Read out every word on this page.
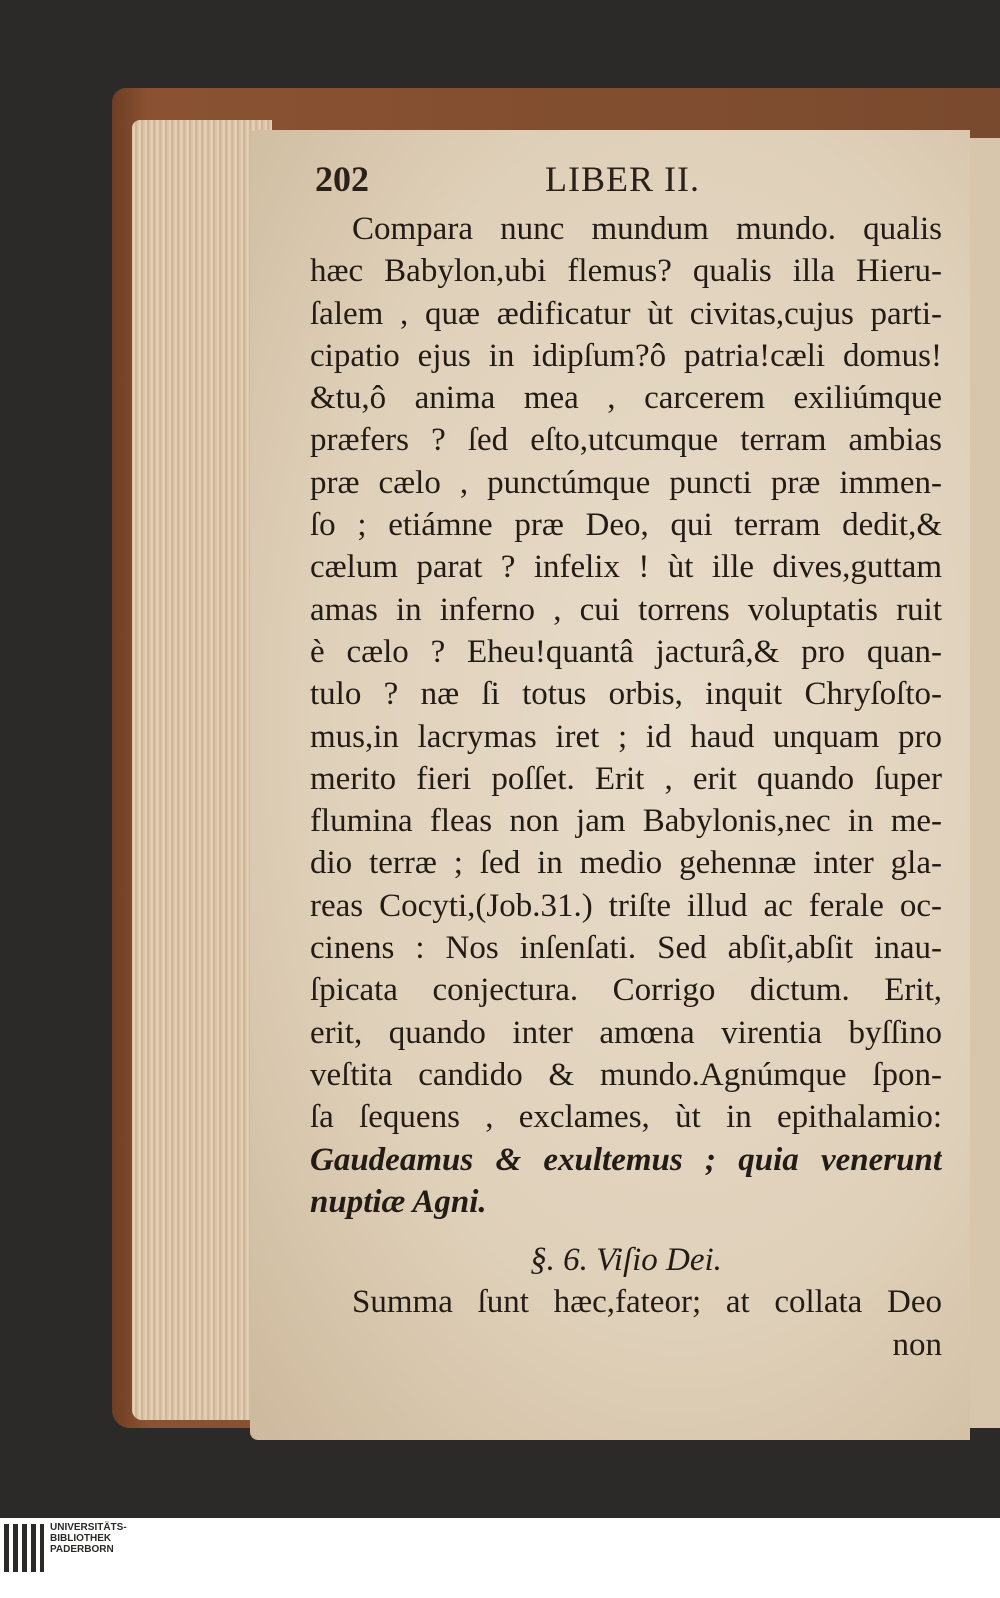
202	LIBER II.
Compara nunc mundum mundo. qualis
hæc Babylon,ubi flemus? qualis illa Hieru-
ſalem , quæ ædificatur ùt civitas,cujus parti-
cipatio ejus in idipſum?ô patria!cæli domus!
&tu,ô anima mea , carcerem exiliúmque
præfers ? ſed eſto,utcumque terram ambias
præ cælo , punctúmque puncti præ immen-
ſo ; etiámne præ Deo, qui terram dedit,&
cælum parat ? infelix ! ùt ille dives,guttam
amas in inferno , cui torrens voluptatis ruit
è cælo ? Eheu!quantâ jacturâ,& pro quan-
tulo ? næ ſi totus orbis, inquit Chryſoſto-
mus,in lacrymas iret ; id haud unquam pro
merito fieri poſſet. Erit , erit quando ſuper
flumina fleas non jam Babylonis,nec in me-
dio terræ ; ſed in medio gehennæ inter gla-
reas Cocyti,(Job.31.) triſte illud ac ferale oc-
cinens : Nos inſenſati. Sed abſit,abſit inau-
ſpicata conjectura. Corrigo dictum. Erit,
erit, quando inter amœna virentia byſſino
veſtita candido & mundo.Agnúmque ſpon-
ſa ſequens , exclames, ùt in epithalamio:
Gaudeamus & exultemus ; quia venerunt
nuptiæ Agni.
§. 6. Viſio Dei.
Summa ſunt hæc,fateor; at collata Deo
non
UNIVERSITÄTS-
BIBLIOTHEK
PADERBORN
